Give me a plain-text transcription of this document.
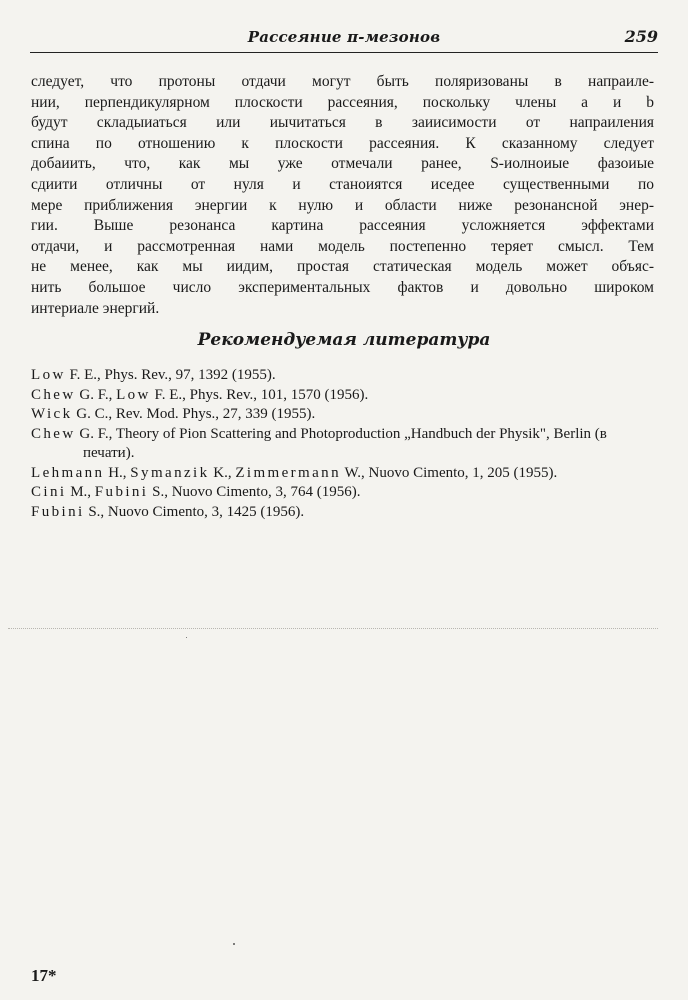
Рассеяние π-мезонов	259
следует, что протоны отдачи могут быть поляризованы в напраиле-
нии, перпендикулярном плоскости рассеяния, поскольку члены a и b
будут складыиаться или иычитаться в заиисимости от напраиления
спина по отношению к плоскости рассеяния. К сказанному следует
добаиить, что, как мы уже отмечали ранее, S-иолноиые фазоиые
сдиити отличны от нуля и станоиятся иседее существенными по
мере приближения энергии к нулю и области ниже резонансной энер-
гии. Выше резонанса картина рассеяния усложняется эффектами
отдачи, и рассмотренная нами модель постепенно теряет смысл. Тем
не менее, как мы иидим, простая статическая модель может объяс-
нить большое число экспериментальных фактов и довольно широком
интериале энергий.
Рекомендуемая литература
Low F. E., Phys. Rev., 97, 1392 (1955).
Chew G. F., Low F. E., Phys. Rev., 101, 1570 (1956).
Wick G. C., Rev. Mod. Phys., 27, 339 (1955).
Chew G. F., Theory of Pion Scattering and Photoproduction „Handbuch der Physik", Berlin (в печати).
Lehmann H., Symanzik K., Zimmermann W., Nuovo Cimento, 1, 205 (1955).
Cini M., Fubini S., Nuovo Cimento, 3, 764 (1956).
Fubini S., Nuovo Cimento, 3, 1425 (1956).
17*
